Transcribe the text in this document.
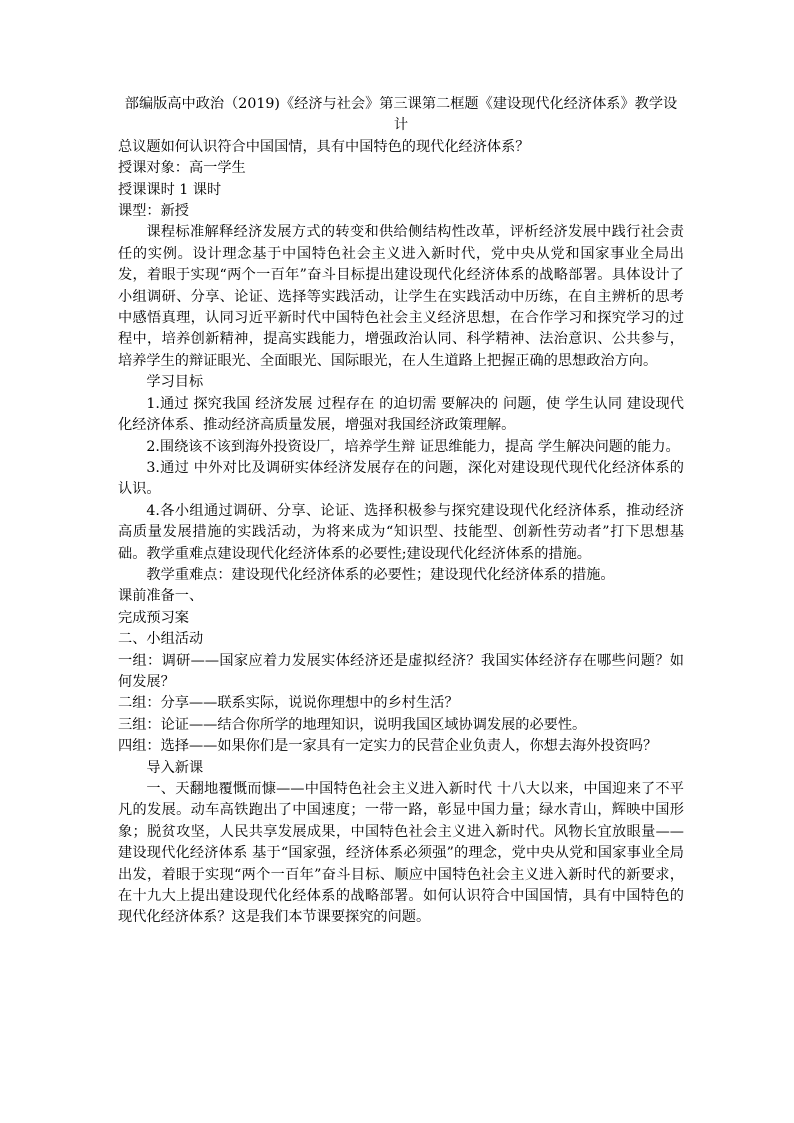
部编版高中政治（2019)《经济与社会》第三课第二框题《建设现代化经济体系》教学设计

总议题如何认识符合中国国情，具有中国特色的现代化经济体系？

授课对象：高一学生

授课课时 1 课时

课型：新授

课程标准解释经济发展方式的转变和供给侧结构性改革，评析经济发展中践行社会责任的实例。设计理念基于中国特色社会主义进入新时代，党中央从党和国家事业全局出发，着眼于实现“两个一百年”奋斗目标提出建设现代化经济体系的战略部署。具体设计了小组调研、分享、论证、选择等实践活动，让学生在实践活动中历练，在自主辨析的思考中感悟真理，认同习近平新时代中国特色社会主义经济思想，在合作学习和探究学习的过程中，培养创新精神，提高实践能力，增强政治认同、科学精神、法治意识、公共参与，培养学生的辩证眼光、全面眼光、国际眼光，在人生道路上把握正确的思想政治方向。

学习目标

1.通过 探究我国 经济发展 过程存在 的迫切需 要解决的 问题，使 学生认同 建设现代化经济体系、推动经济高质量发展，增强对我国经济政策理解。

2.围绕该不该到海外投资设厂，培养学生辩 证思维能力，提高 学生解决问题的能力。

3.通过 中外对比及调研实体经济发展存在的问题，深化对建设现代现代化经济体系的认识。

4.各小组通过调研、分享、论证、选择积极参与探究建设现代化经济体系，推动经济高质量发展措施的实践活动，为将来成为“知识型、技能型、创新性劳动者”打下思想基础。教学重难点建设现代化经济体系的必要性;建设现代化经济体系的措施。

教学重难点：建设现代化经济体系的必要性；建设现代化经济体系的措施。

课前准备一、

完成预习案

二、小组活动

一组：调研——国家应着力发展实体经济还是虚拟经济？我国实体经济存在哪些问题？如何发展？

二组：分享——联系实际，说说你理想中的乡村生活？

三组：论证——结合你所学的地理知识，说明我国区域协调发展的必要性。

四组：选择——如果你们是一家具有一定实力的民营企业负责人，你想去海外投资吗？

导入新课

一、天翻地覆慨而慷——中国特色社会主义进入新时代 十八大以来，中国迎来了不平凡的发展。动车高铁跑出了中国速度；一带一路，彰显中国力量；绿水青山，辉映中国形象；脱贫攻坚，人民共享发展成果，中国特色社会主义进入新时代。风物长宜放眼量——建设现代化经济体系 基于“国家强，经济体系必须强”的理念，党中央从党和国家事业全局出发，着眼于实现“两个一百年”奋斗目标、顺应中国特色社会主义进入新时代的新要求，在十九大上提出建设现代化经体系的战略部署。如何认识符合中国国情，具有中国特色的现代化经济体系？这是我们本节课要探究的问题。
